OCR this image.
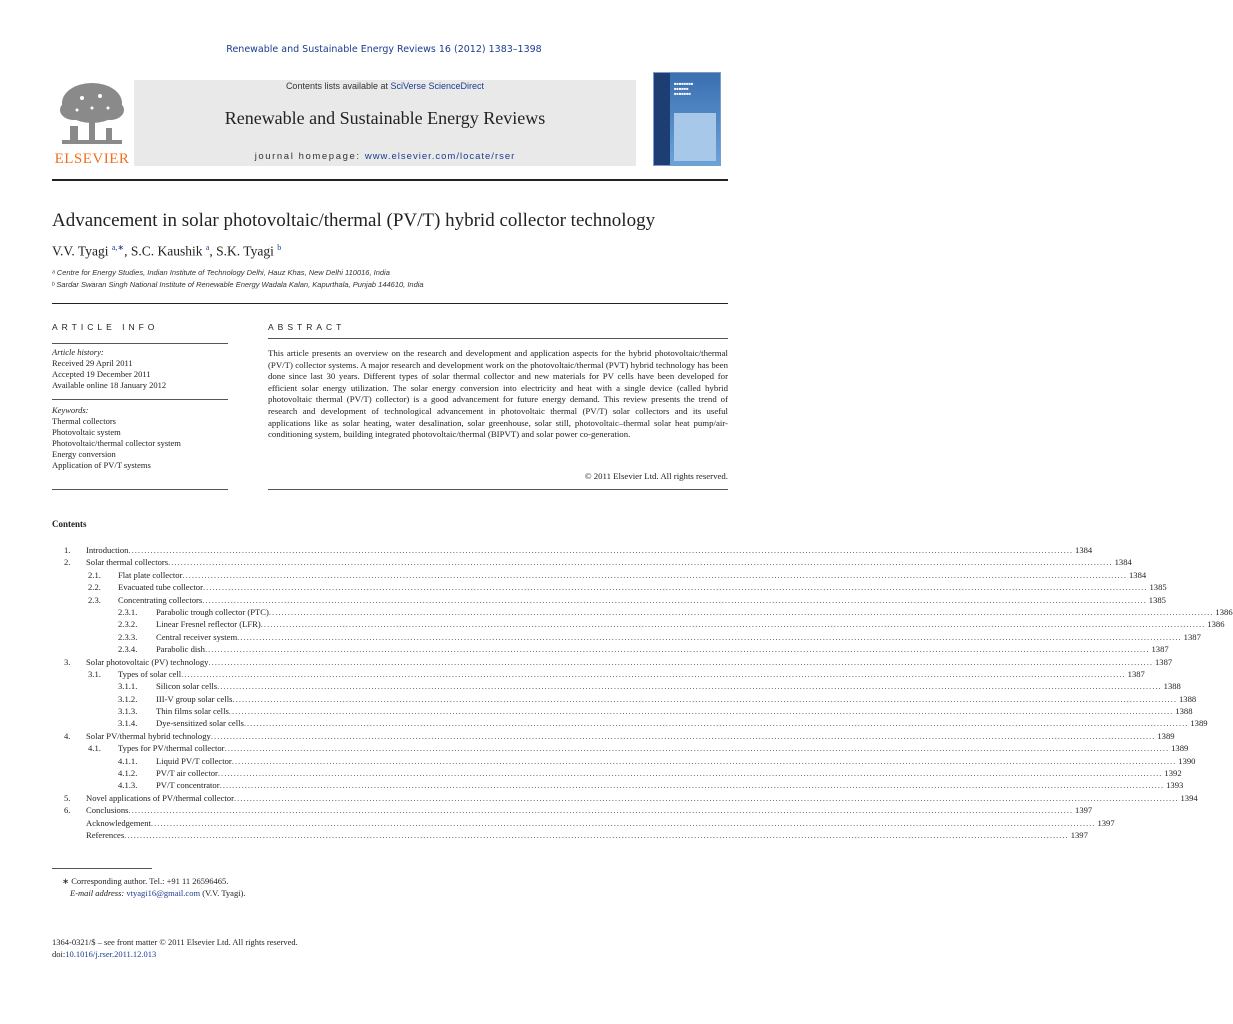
Renewable and Sustainable Energy Reviews 16 (2012) 1383–1398
ELSEVIER
Contents lists available at SciVerse ScienceDirect
Renewable and Sustainable Energy Reviews
journal homepage: www.elsevier.com/locate/rser
■■■■■■■■
■■■■■■
■■■■■■■
Advancement in solar photovoltaic/thermal (PV/T) hybrid collector technology
V.V. Tyagi $^{a,∗}$, S.C. Kaushik $^a$, S.K. Tyagi $^b$
ᵃ Centre for Energy Studies, Indian Institute of Technology Delhi, Hauz Khas, New Delhi 110016, India
ᵇ Sardar Swaran Singh National Institute of Renewable Energy Wadala Kalan, Kapurthala, Punjab 144610, India
ARTICLE INFO	ABSTRACT
Article history:
Received 29 April 2011
Accepted 19 December 2011
Available online 18 January 2012
Keywords:
Thermal collectors
Photovoltaic system
Photovoltaic/thermal collector system
Energy conversion
Application of PV/T systems
This article presents an overview on the research and development and application aspects for the hybrid photovoltaic/thermal (PV/T) collector systems. A major research and development work on the photovoltaic/thermal (PVT) hybrid technology has been done since last 30 years. Different types of solar thermal collector and new materials for PV cells have been developed for efficient solar energy utilization. The solar energy conversion into electricity and heat with a single device (called hybrid photovoltaic thermal (PV/T) collector) is a good advancement for future energy demand. This review presents the trend of research and development of technological advancement in photovoltaic thermal (PV/T) solar collectors and its useful applications like as solar heating, water desalination, solar greenhouse, solar still, photovoltaic–thermal solar heat pump/air-conditioning system, building integrated photovoltaic/thermal (BIPVT) and solar power co-generation.
© 2011 Elsevier Ltd. All rights reserved.
Contents
1.	Introduction ............................................................................................................................................................................................................................................................................................................ 1384
2.	Solar thermal collectors ............................................................................................................................................................................................................................................................................................................ 1384
2.1.	Flat plate collector ............................................................................................................................................................................................................................................................................................................ 1384
2.2.	Evacuated tube collector ............................................................................................................................................................................................................................................................................................................ 1385
2.3.	Concentrating collectors ............................................................................................................................................................................................................................................................................................................ 1385
2.3.1.	Parabolic trough collector (PTC) ............................................................................................................................................................................................................................................................................................................ 1386
2.3.2.	Linear Fresnel reflector (LFR) ............................................................................................................................................................................................................................................................................................................ 1386
2.3.3.	Central receiver system ............................................................................................................................................................................................................................................................................................................ 1387
2.3.4.	Parabolic dish ............................................................................................................................................................................................................................................................................................................ 1387
3.	Solar photovoltaic (PV) technology ............................................................................................................................................................................................................................................................................................................ 1387
3.1.	Types of solar cell ............................................................................................................................................................................................................................................................................................................ 1387
3.1.1.	Silicon solar cells ............................................................................................................................................................................................................................................................................................................ 1388
3.1.2.	III-V group solar cells ............................................................................................................................................................................................................................................................................................................ 1388
3.1.3.	Thin films solar cells ............................................................................................................................................................................................................................................................................................................ 1388
3.1.4.	Dye-sensitized solar cells ............................................................................................................................................................................................................................................................................................................ 1389
4.	Solar PV/thermal hybrid technology ............................................................................................................................................................................................................................................................................................................ 1389
4.1.	Types for PV/thermal collector ............................................................................................................................................................................................................................................................................................................ 1389
4.1.1.	Liquid PV/T collector ............................................................................................................................................................................................................................................................................................................ 1390
4.1.2.	PV/T air collector ............................................................................................................................................................................................................................................................................................................ 1392
4.1.3.	PV/T concentrator ............................................................................................................................................................................................................................................................................................................ 1393
5.	Novel applications of PV/thermal collector ............................................................................................................................................................................................................................................................................................................ 1394
6.	Conclusions ............................................................................................................................................................................................................................................................................................................ 1397
Acknowledgement ............................................................................................................................................................................................................................................................................................................ 1397
References ............................................................................................................................................................................................................................................................................................................ 1397
∗ Corresponding author. Tel.: +91 11 26596465.
E-mail address: vtyagi16@gmail.com (V.V. Tyagi).
1364-0321/$ – see front matter © 2011 Elsevier Ltd. All rights reserved.
doi:10.1016/j.rser.2011.12.013
